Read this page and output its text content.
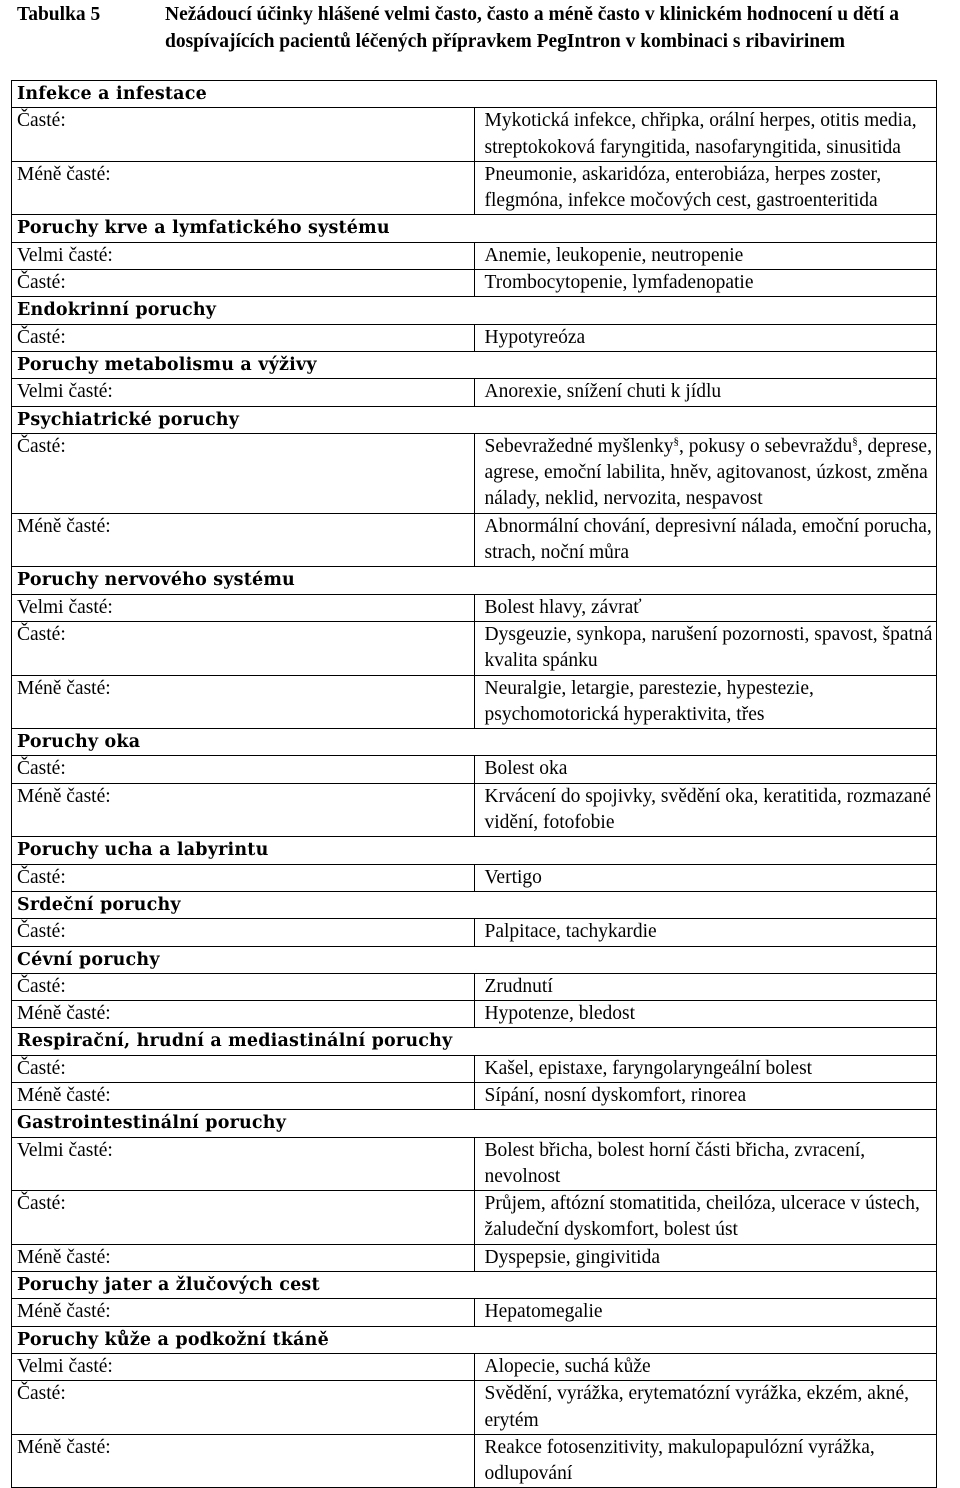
Tabulka 5	Nežádoucí účinky hlášené velmi často, často a méně často v klinickém hodnocení u dětí a dospívajících pacientů léčených přípravkem PegIntron v kombinaci s ribavirinem
Infekce a infestace	
Časté:	Mykotická infekce, chřipka, orální herpes, otitis media, streptokoková faryngitida, nasofaryngitida, sinusitida
Méně časté:	Pneumonie, askaridóza, enterobiáza, herpes zoster, flegmóna, infekce močových cest, gastroenteritida
Poruchy krve a lymfatického systému	
Velmi časté:	Anemie, leukopenie, neutropenie
Časté:	Trombocytopenie, lymfadenopatie
Endokrinní poruchy	
Časté:	Hypotyreóza
Poruchy metabolismu a výživy	
Velmi časté:	Anorexie, snížení chuti k jídlu
Psychiatrické poruchy	
Časté:	Sebevražedné myšlenky§, pokusy o sebevraždu§, deprese, agrese, emoční labilita, hněv, agitovanost, úzkost, změna nálady, neklid, nervozita, nespavost
Méně časté:	Abnormální chování, depresivní nálada, emoční porucha, strach, noční můra
Poruchy nervového systému	
Velmi časté:	Bolest hlavy, závrať
Časté:	Dysgeuzie, synkopa, narušení pozornosti, spavost, špatná kvalita spánku
Méně časté:	Neuralgie, letargie, parestezie, hypestezie, psychomotorická hyperaktivita, třes
Poruchy oka	
Časté:	Bolest oka
Méně časté:	Krvácení do spojivky, svědění oka, keratitida, rozmazané vidění, fotofobie
Poruchy ucha a labyrintu	
Časté:	Vertigo
Srdeční poruchy	
Časté:	Palpitace, tachykardie
Cévní poruchy	
Časté:	Zrudnutí
Méně časté:	Hypotenze, bledost
Respirační, hrudní a mediastinální poruchy	
Časté:	Kašel, epistaxe, faryngolaryngeální bolest
Méně časté:	Sípání, nosní dyskomfort, rinorea
Gastrointestinální poruchy	
Velmi časté:	Bolest břicha, bolest horní části břicha, zvracení, nevolnost
Časté:	Průjem, aftózní stomatitida, cheilóza, ulcerace v ústech, žaludeční dyskomfort, bolest úst
Méně časté:	Dyspepsie, gingivitida
Poruchy jater a žlučových cest	
Méně časté:	Hepatomegalie
Poruchy kůže a podkožní tkáně	
Velmi časté:	Alopecie, suchá kůže
Časté:	Svědění, vyrážka, erytematózní vyrážka, ekzém, akné, erytém
Méně časté:	Reakce fotosenzitivity, makulopapulózní vyrážka, odlupování
